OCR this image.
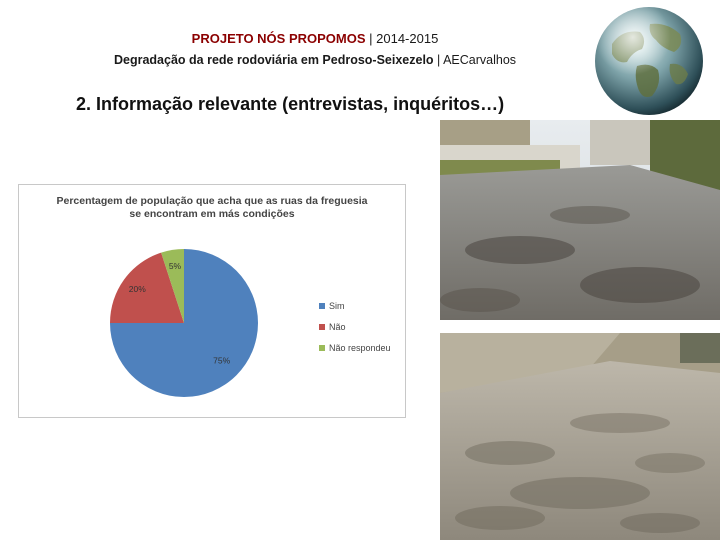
PROJETO NÓS PROPOMOS | 2014-2015
Degradação da rede rodoviária em Pedroso-Seixezelo | AECarvalhos
2. Informação relevante (entrevistas, inquéritos…)
Percentagem de população que acha que as ruas da freguesia
se encontram em más condições
75%
20%
5%
Sim
Não
Não respondeu
